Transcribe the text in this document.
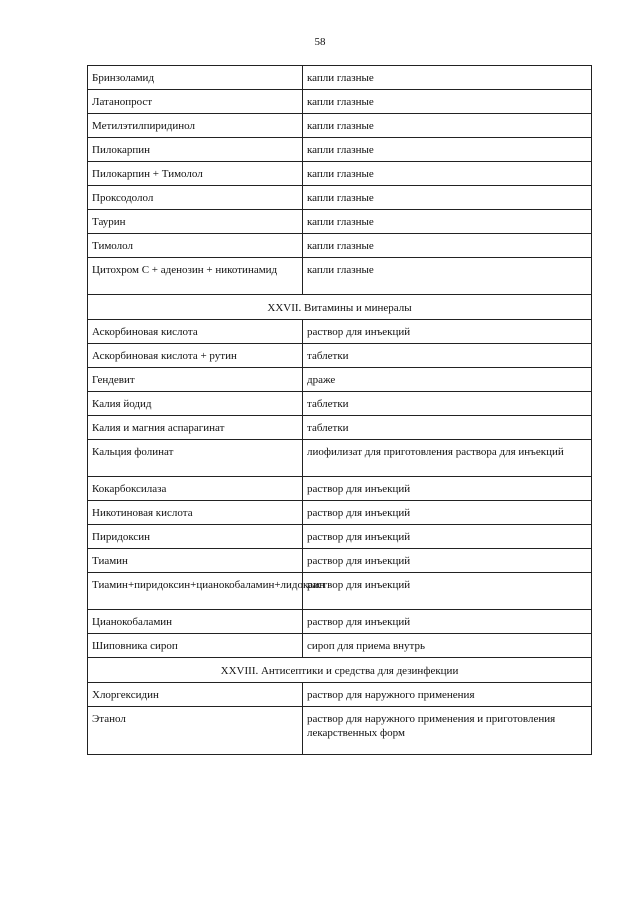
58
Бринзоламид	капли глазные
Латанопрост	капли глазные
Метилэтилпиридинол	капли глазные
Пилокарпин	капли глазные
Пилокарпин + Тимолол	капли глазные
Проксодолол	капли глазные
Таурин	капли глазные
Тимолол	капли глазные
Цитохром С + аденозин + никотинамид	капли глазные
XXVII. Витамины и минералы	
Аскорбиновая кислота	раствор для инъекций
Аскорбиновая кислота + рутин	таблетки
Гендевит	драже
Калия йодид	таблетки
Калия и магния аспарагинат	таблетки
Кальция фолинат	лиофилизат для приготовления раствора для инъекций
Кокарбоксилаза	раствор для инъекций
Никотиновая кислота	раствор для инъекций
Пиридоксин	раствор для инъекций
Тиамин	раствор для инъекций
Тиамин+пиридоксин+цианокобаламин+лидокаин	раствор для инъекций
Цианокобаламин	раствор для инъекций
Шиповника сироп	сироп для приема внутрь
XXVIII. Антисептики и средства для дезинфекции	
Хлоргексидин	раствор для наружного применения
Этанол	раствор для наружного применения и приготовления лекарственных форм
